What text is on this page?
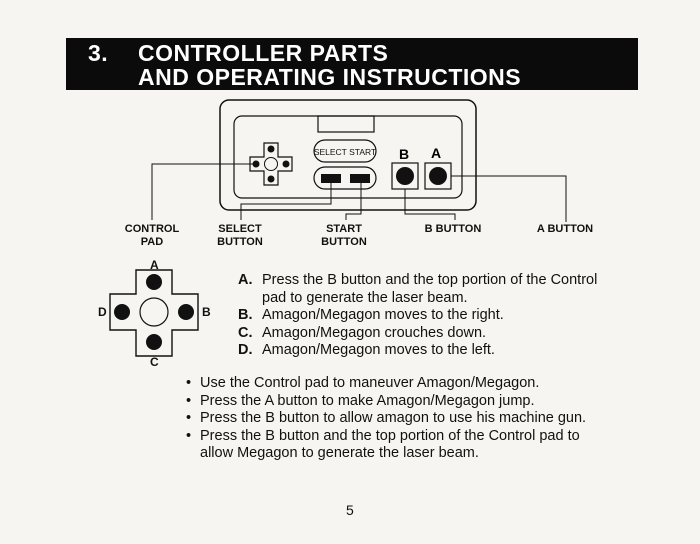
3. CONTROLLER PARTS
AND OPERATING INSTRUCTIONS
SELECT START B A
CONTROL
PAD
SELECT
BUTTON
START
BUTTON
B BUTTON	A BUTTON
A
C
D	B
A. Press the B button and the top portion of the Control
pad to generate the laser beam.
B. Amagon/Megagon moves to the right.
C. Amagon/Megagon crouches down.
D. Amagon/Megagon moves to the left.
• Use the Control pad to maneuver Amagon/Megagon.
• Press the A button to make Amagon/Megagon jump.
• Press the B button to allow amagon to use his machine gun.
• Press the B button and the top portion of the Control pad to allow Megagon to generate the laser beam.
5
